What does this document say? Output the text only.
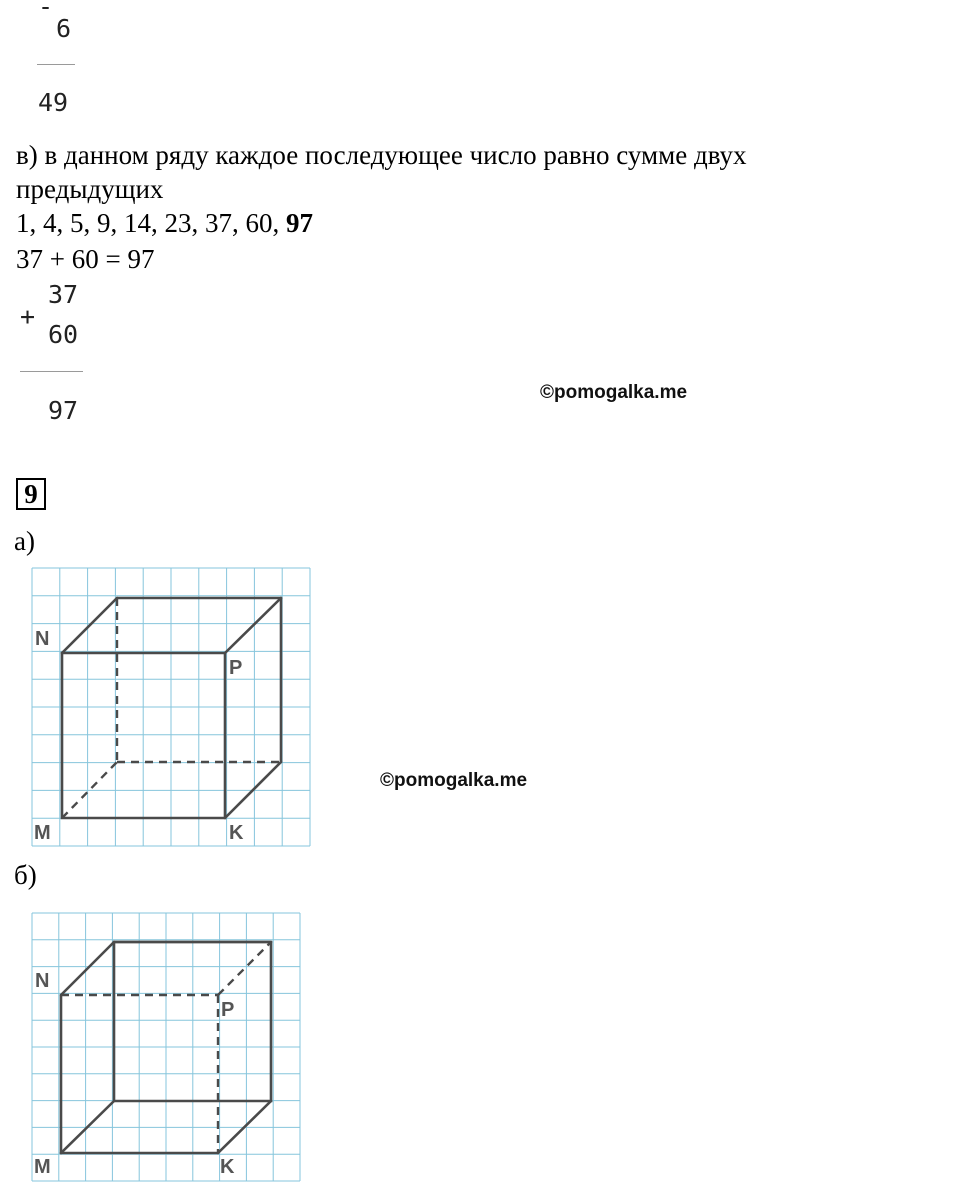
-
6
49
в) в данном ряду каждое последующее число равно сумме двух
предыдущих
1, 4, 5, 9, 14, 23, 37, 60, 97
37 + 60 = 97
+
37
60
97
©pomogalka.me
9
а)
N
P
M	K
©pomogalka.me
б)
N
P
M	K
